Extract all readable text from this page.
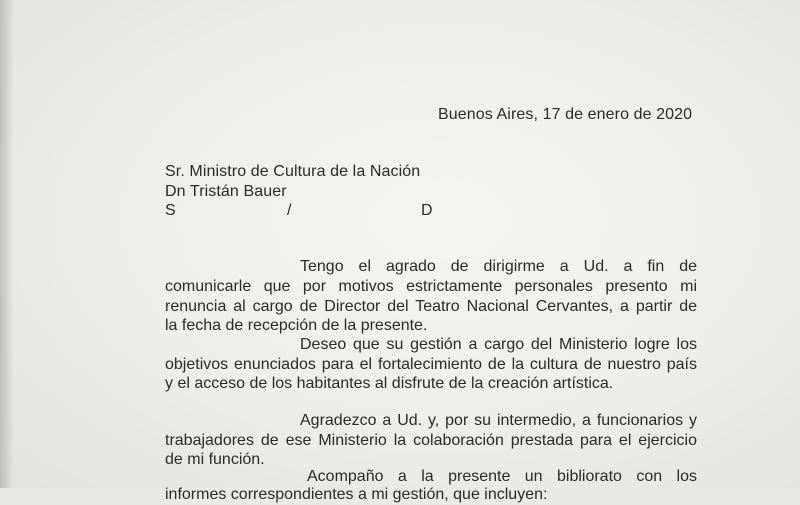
Buenos Aires, 17 de enero de 2020
Sr. Ministro de Cultura de la Nación
Dn Tristán Bauer
S	/	D
Tengo el agrado de dirigirme a Ud. a fin de
comunicarle que por motivos estrictamente personales presento mi
renuncia al cargo de Director del Teatro Nacional Cervantes, a partir de
la fecha de recepción de la presente.
Deseo que su gestión a cargo del Ministerio logre los
objetivos enunciados para el fortalecimiento de la cultura de nuestro país
y el acceso de los habitantes al disfrute de la creación artística.
Agradezco a Ud. y, por su intermedio, a funcionarios y
trabajadores de ese Ministerio la colaboración prestada para el ejercicio
de mi función.
Acompaño a la presente un bibliorato con los
informes correspondientes a mi gestión, que incluyen:
